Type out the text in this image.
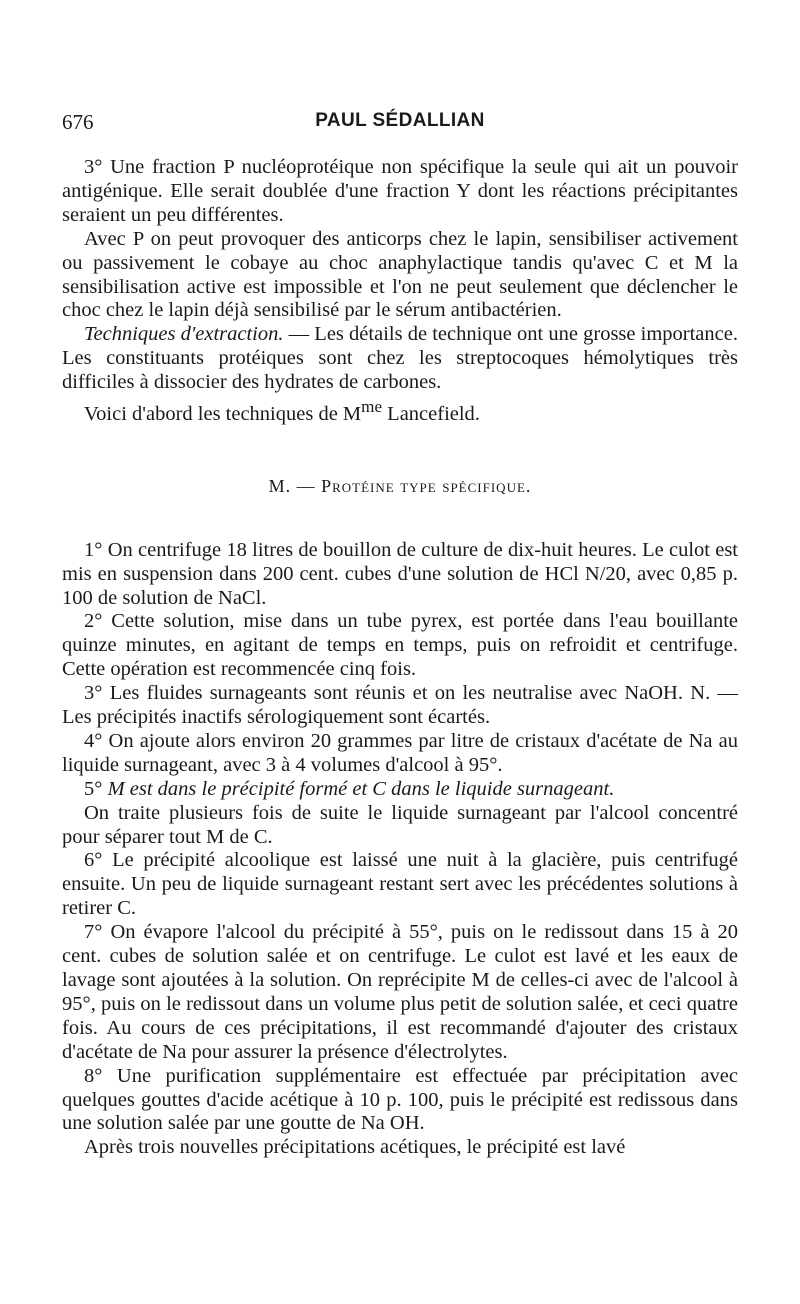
676	PAUL SÉDALLIAN

3° Une fraction P nucléoprotéique non spécifique la seule qui ait un pouvoir antigénique. Elle serait doublée d'une fraction Y dont les réactions précipitantes seraient un peu différentes.

Avec P on peut provoquer des anticorps chez le lapin, sensibiliser activement ou passivement le cobaye au choc anaphylactique tandis qu'avec C et M la sensibilisation active est impossible et l'on ne peut seulement que déclencher le choc chez le lapin déjà sensibilisé par le sérum antibactérien.

Techniques d'extraction. — Les détails de technique ont une grosse importance. Les constituants protéiques sont chez les streptocoques hémolytiques très difficiles à dissocier des hydrates de carbones.

Voici d'abord les techniques de $M^{me}$ Lancefield.

M. — Protéine type spécifique.

1° On centrifuge 18 litres de bouillon de culture de dix-huit heures. Le culot est mis en suspension dans 200 cent. cubes d'une solution de HCl N/20, avec 0,85 p. 100 de solution de NaCl.

2° Cette solution, mise dans un tube pyrex, est portée dans l'eau bouillante quinze minutes, en agitant de temps en temps, puis on refroidit et centrifuge. Cette opération est recommencée cinq fois.

3° Les fluides surnageants sont réunis et on les neutralise avec NaOH. N. — Les précipités inactifs sérologiquement sont écartés.

4° On ajoute alors environ 20 grammes par litre de cristaux d'acétate de Na au liquide surnageant, avec 3 à 4 volumes d'alcool à 95°.

5° M est dans le précipité formé et C dans le liquide surnageant.

On traite plusieurs fois de suite le liquide surnageant par l'alcool concentré pour séparer tout M de C.

6° Le précipité alcoolique est laissé une nuit à la glacière, puis centrifugé ensuite. Un peu de liquide surnageant restant sert avec les précédentes solutions à retirer C.

7° On évapore l'alcool du précipité à 55°, puis on le redissout dans 15 à 20 cent. cubes de solution salée et on centrifuge. Le culot est lavé et les eaux de lavage sont ajoutées à la solution. On reprécipite M de celles-ci avec de l'alcool à 95°, puis on le redissout dans un volume plus petit de solution salée, et ceci quatre fois. Au cours de ces précipitations, il est recommandé d'ajouter des cristaux d'acétate de Na pour assurer la présence d'électrolytes.

8° Une purification supplémentaire est effectuée par précipitation avec quelques gouttes d'acide acétique à 10 p. 100, puis le précipité est redissous dans une solution salée par une goutte de Na OH.

Après trois nouvelles précipitations acétiques, le précipité est lavé
